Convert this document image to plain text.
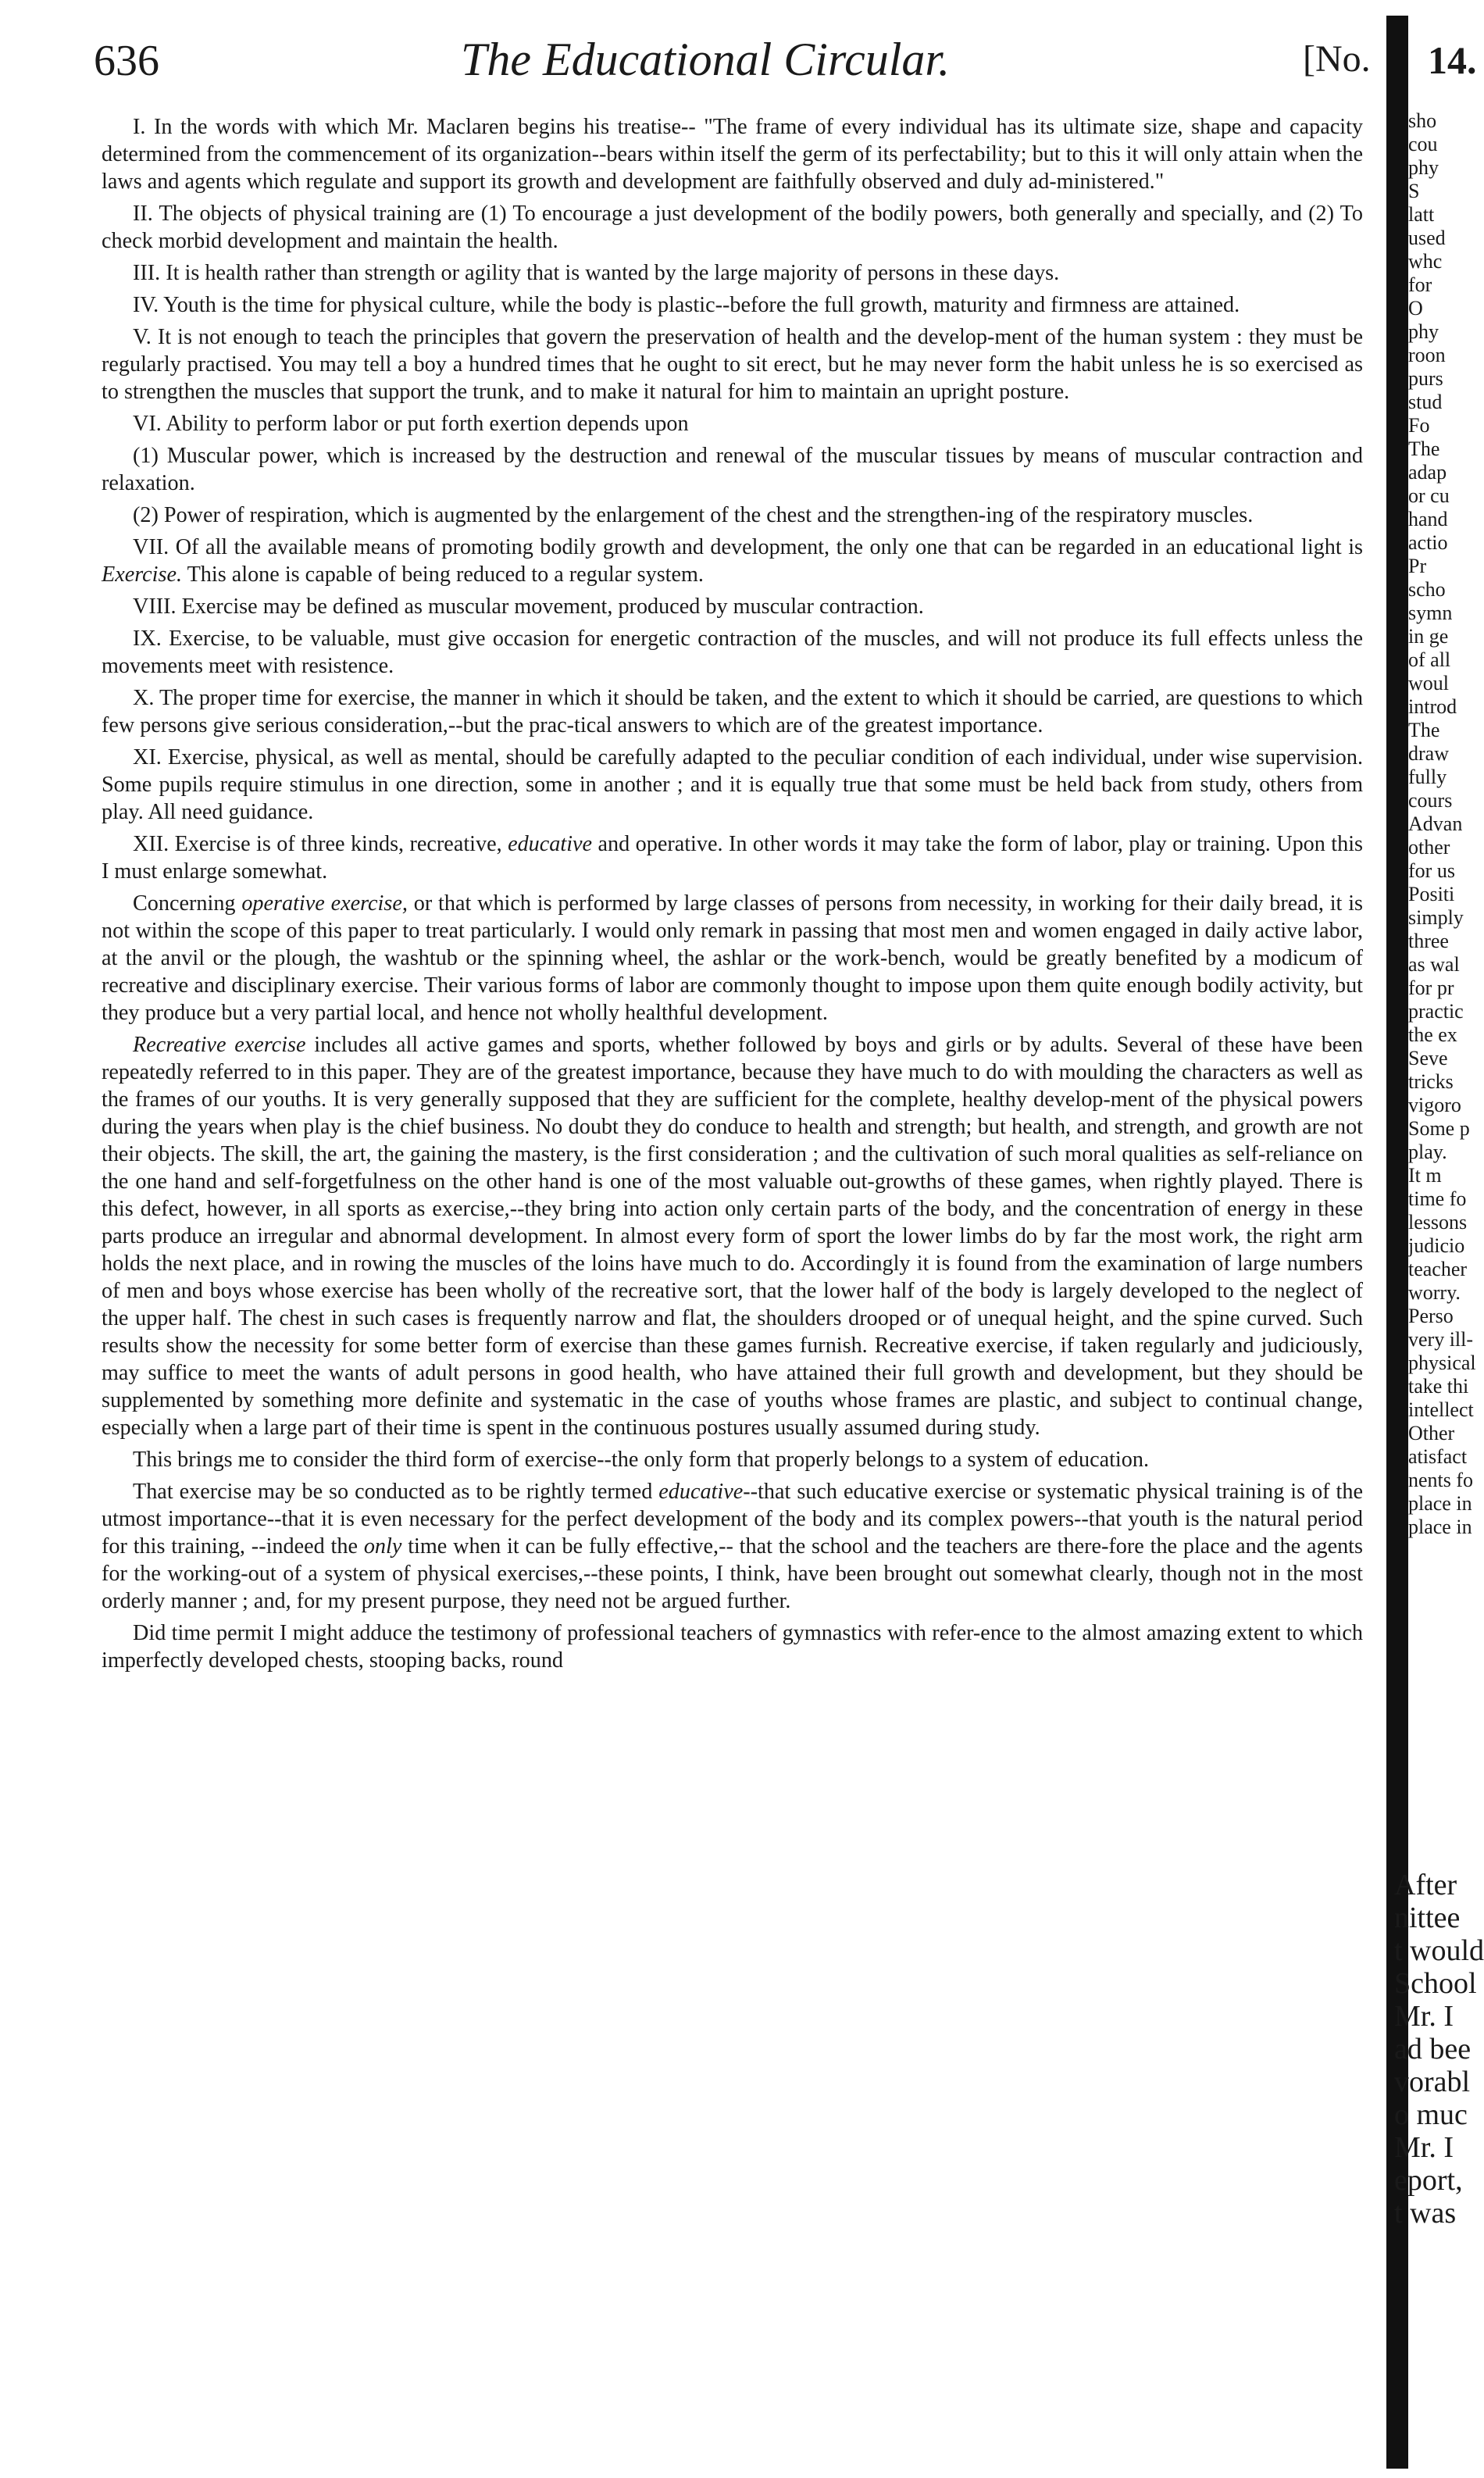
636	The Educational Circular.	[No. 14.

I. In the words with which Mr. Maclaren begins his treatise-- "The frame of every individual has its ultimate size, shape and capacity determined from the commencement of its organization--bears within itself the germ of its perfectability; but to this it will only attain when the laws and agents which regulate and support its growth and development are faithfully observed and duly ad-ministered."

II. The objects of physical training are (1) To encourage a just development of the bodily powers, both generally and specially, and (2) To check morbid development and maintain the health.

III. It is health rather than strength or agility that is wanted by the large majority of persons in these days.

IV. Youth is the time for physical culture, while the body is plastic--before the full growth, maturity and firmness are attained.

V. It is not enough to teach the principles that govern the preservation of health and the develop-ment of the human system : they must be regularly practised. You may tell a boy a hundred times that he ought to sit erect, but he may never form the habit unless he is so exercised as to strengthen the muscles that support the trunk, and to make it natural for him to maintain an upright posture.

VI. Ability to perform labor or put forth exertion depends upon

(1) Muscular power, which is increased by the destruction and renewal of the muscular tissues by means of muscular contraction and relaxation.

(2) Power of respiration, which is augmented by the enlargement of the chest and the strengthen-ing of the respiratory muscles.

VII. Of all the available means of promoting bodily growth and development, the only one that can be regarded in an educational light is Exercise. This alone is capable of being reduced to a regular system.

VIII. Exercise may be defined as muscular movement, produced by muscular contraction.

IX. Exercise, to be valuable, must give occasion for energetic contraction of the muscles, and will not produce its full effects unless the movements meet with resistence.

X. The proper time for exercise, the manner in which it should be taken, and the extent to which it should be carried, are questions to which few persons give serious consideration,--but the prac-tical answers to which are of the greatest importance.

XI. Exercise, physical, as well as mental, should be carefully adapted to the peculiar condition of each individual, under wise supervision. Some pupils require stimulus in one direction, some in another ; and it is equally true that some must be held back from study, others from play. All need guidance.

XII. Exercise is of three kinds, recreative, educative and operative. In other words it may take the form of labor, play or training. Upon this I must enlarge somewhat.

Concerning operative exercise, or that which is performed by large classes of persons from necessity, in working for their daily bread, it is not within the scope of this paper to treat particularly. I would only remark in passing that most men and women engaged in daily active labor, at the anvil or the plough, the washtub or the spinning wheel, the ashlar or the work-bench, would be greatly benefited by a modicum of recreative and disciplinary exercise. Their various forms of labor are commonly thought to impose upon them quite enough bodily activity, but they produce but a very partial local, and hence not wholly healthful development.

Recreative exercise includes all active games and sports, whether followed by boys and girls or by adults. Several of these have been repeatedly referred to in this paper. They are of the greatest importance, because they have much to do with moulding the characters as well as the frames of our youths. It is very generally supposed that they are sufficient for the complete, healthy develop-ment of the physical powers during the years when play is the chief business. No doubt they do conduce to health and strength; but health, and strength, and growth are not their objects. The skill, the art, the gaining the mastery, is the first consideration ; and the cultivation of such moral qualities as self-reliance on the one hand and self-forgetfulness on the other hand is one of the most valuable out-growths of these games, when rightly played. There is this defect, however, in all sports as exercise,--they bring into action only certain parts of the body, and the concentration of energy in these parts produce an irregular and abnormal development. In almost every form of sport the lower limbs do by far the most work, the right arm holds the next place, and in rowing the muscles of the loins have much to do. Accordingly it is found from the examination of large numbers of men and boys whose exercise has been wholly of the recreative sort, that the lower half of the body is largely developed to the neglect of the upper half. The chest in such cases is frequently narrow and flat, the shoulders drooped or of unequal height, and the spine curved. Such results show the necessity for some better form of exercise than these games furnish. Recreative exercise, if taken regularly and judiciously, may suffice to meet the wants of adult persons in good health, who have attained their full growth and development, but they should be supplemented by something more definite and systematic in the case of youths whose frames are plastic, and subject to continual change, especially when a large part of their time is spent in the continuous postures usually assumed during study.

This brings me to consider the third form of exercise--the only form that properly belongs to a system of education.

That exercise may be so conducted as to be rightly termed educative--that such educative exercise or systematic physical training is of the utmost importance--that it is even necessary for the perfect development of the body and its complex powers--that youth is the natural period for this training, --indeed the only time when it can be fully effective,-- that the school and the teachers are there-fore the place and the agents for the working-out of a system of physical exercises,--these points, I think, have been brought out somewhat clearly, though not in the most orderly manner ; and, for my present purpose, they need not be argued further.

Did time permit I might adduce the testimony of professional teachers of gymnastics with refer-ence to the almost amazing extent to which imperfectly developed chests, stooping backs, round

sho
cou
phy
S
latt
used
whc
for
O
phy
roon
purs
stud
Fo
The
adap
or cu
hand
actio
Pr
scho
symn
in ge
of all
woul
introd
The
draw
fully
cours
Advan
other
for us
Positi
simply
three
as wal
for pr
practic
the ex
Seve
tricks
vigoro
Some p
play.
It m
time fo
lessons
judicio
teacher
worry.
Perso
very ill-
physical
take thi
intellect
Other
atisfact
nents fo
place in
place in
After
nittee
t would
School
Mr. I
ad bee
vorabl
o muc
Mr. I
eport,
t was
